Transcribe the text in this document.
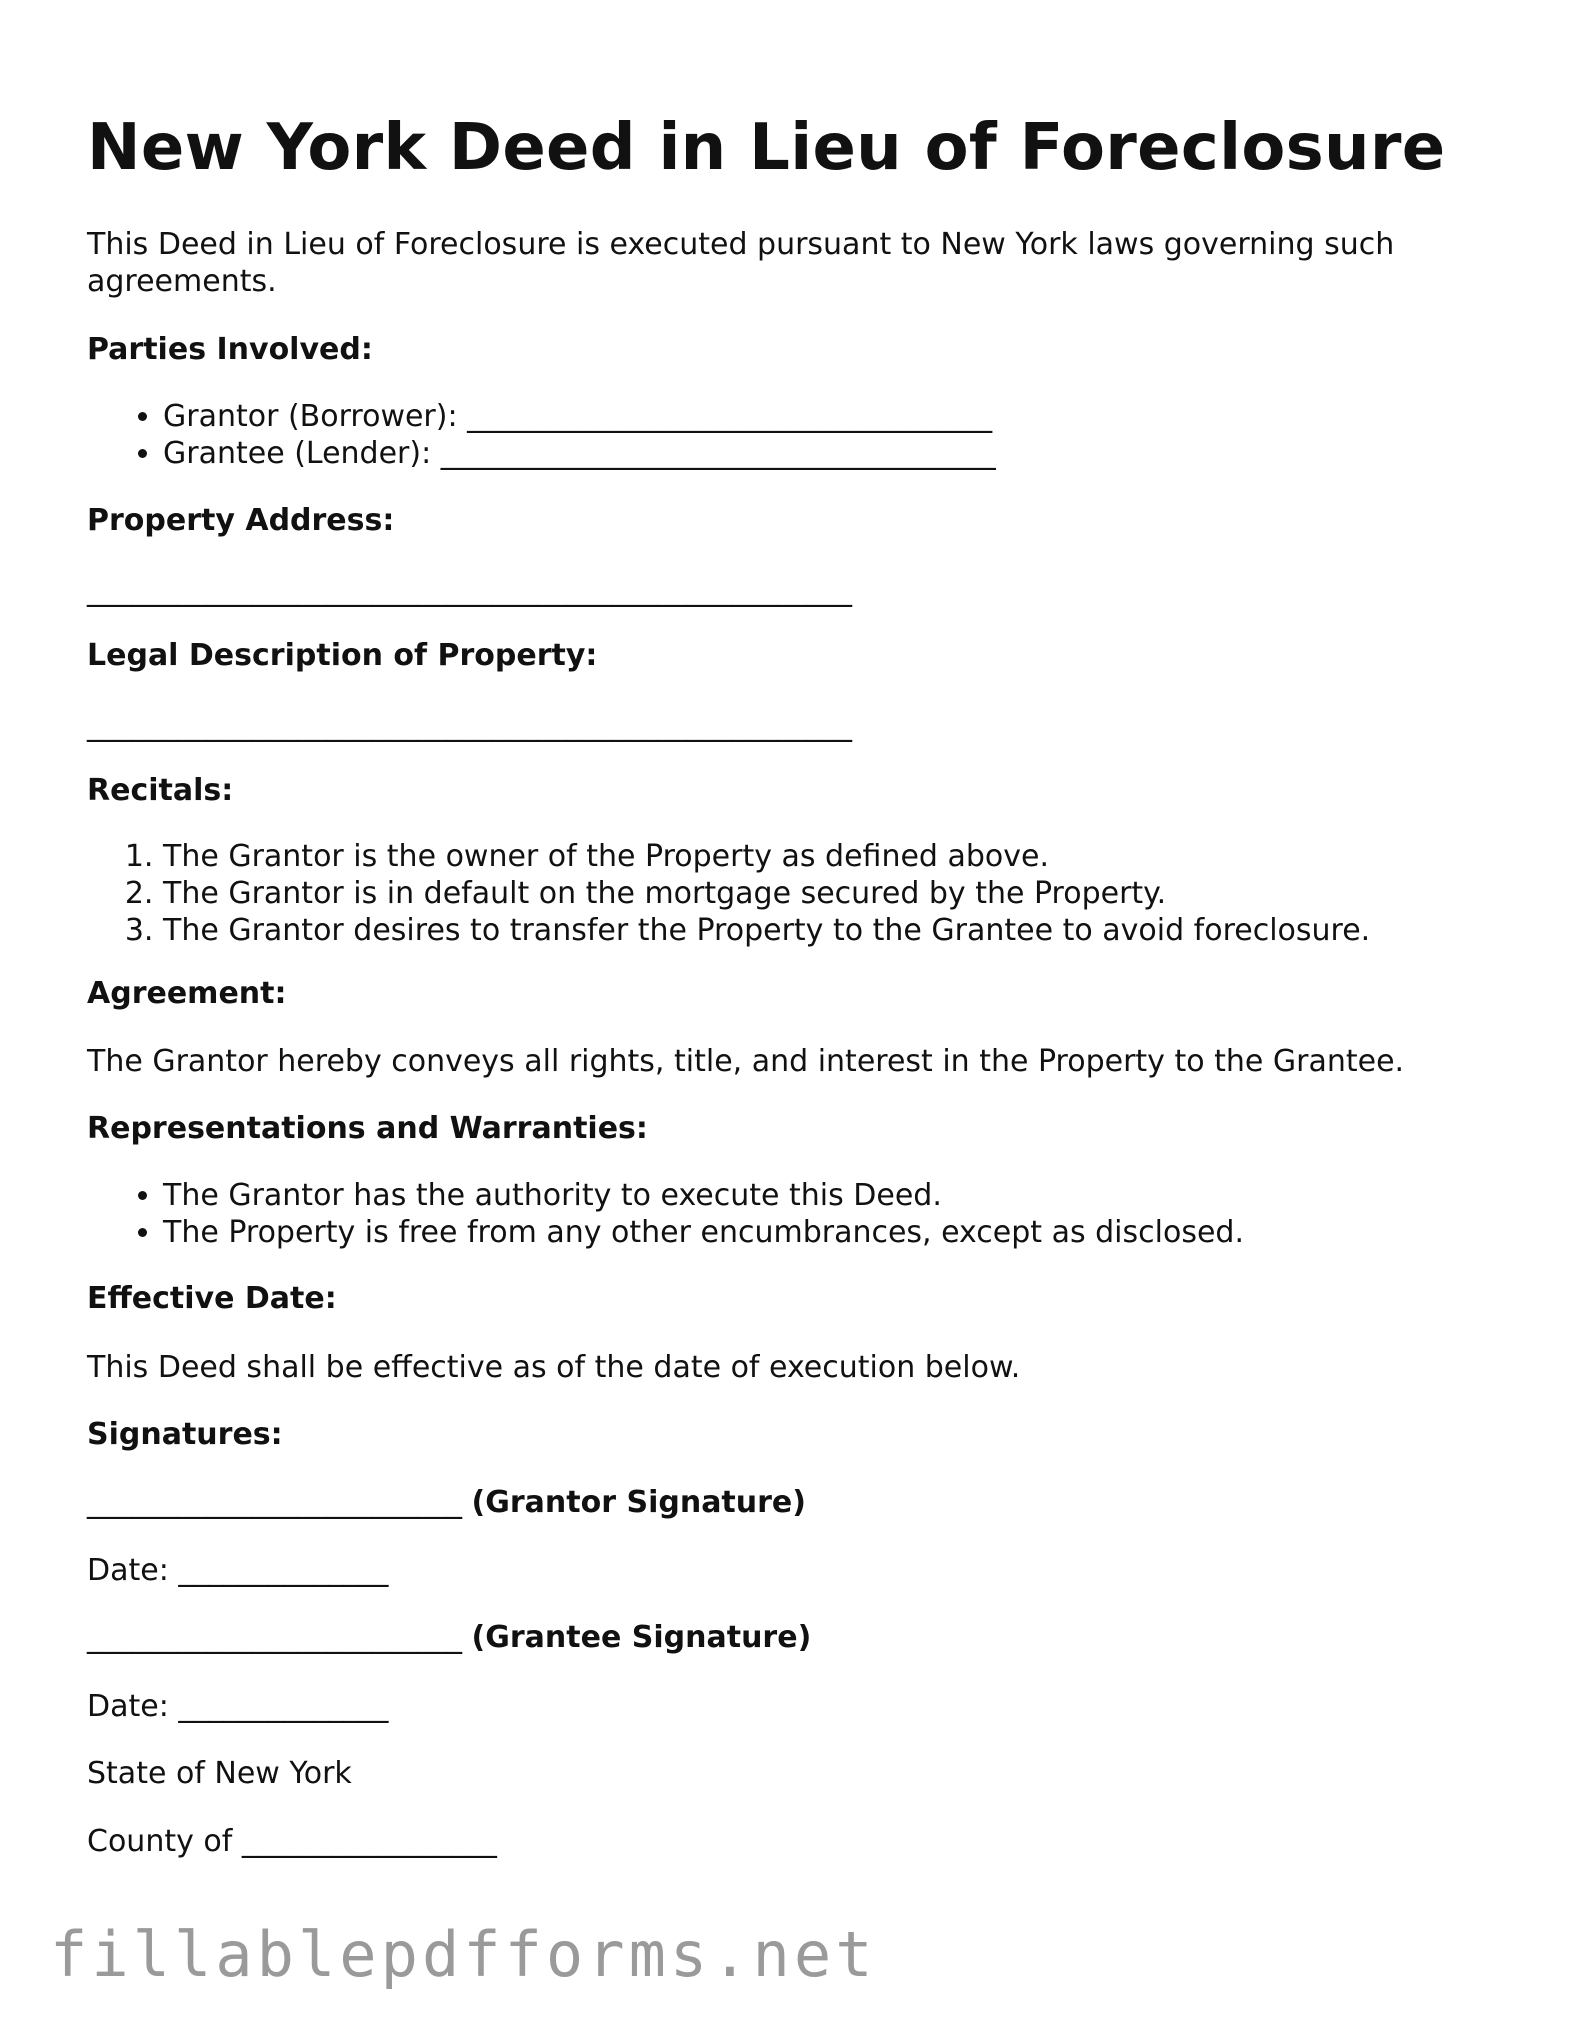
New York Deed in Lieu of Foreclosure

This Deed in Lieu of Foreclosure is executed pursuant to New York laws governing such agreements.

Parties Involved:

• Grantor (Borrower): ___________________________________
• Grantee (Lender): _____________________________________

Property Address:

___________________________________________________

Legal Description of Property:

___________________________________________________

Recitals:

1. The Grantor is the owner of the Property as defined above.
2. The Grantor is in default on the mortgage secured by the Property.
3. The Grantor desires to transfer the Property to the Grantee to avoid foreclosure.

Agreement:

The Grantor hereby conveys all rights, title, and interest in the Property to the Grantee.

Representations and Warranties:

• The Grantor has the authority to execute this Deed.
• The Property is free from any other encumbrances, except as disclosed.

Effective Date:

This Deed shall be effective as of the date of execution below.

Signatures:

_________________________ (Grantor Signature)

Date: ______________

_________________________ (Grantee Signature)

Date: ______________

State of New York

County of _________________

fillablepdfforms.net
